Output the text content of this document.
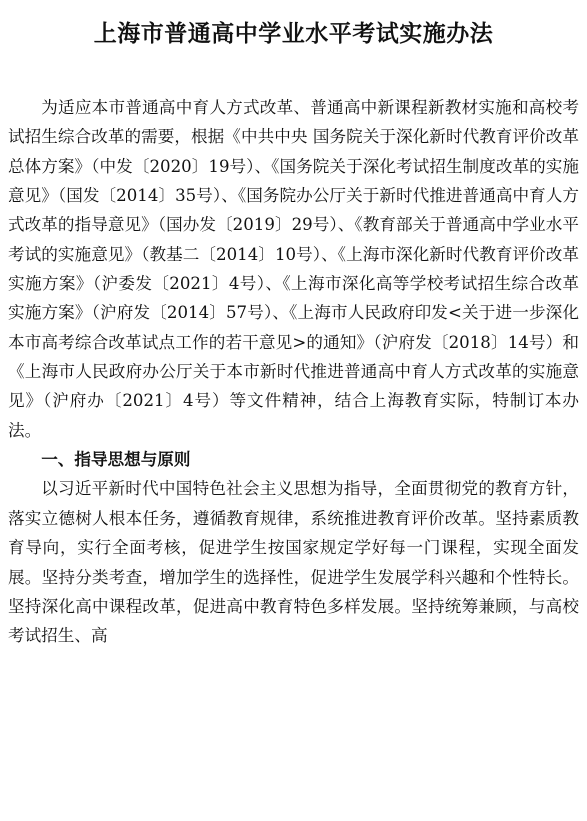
上海市普通高中学业水平考试实施办法

为适应本市普通高中育人方式改革、普通高中新课程新教材实施和高校考试招生综合改革的需要，根据《中共中央 国务院关于深化新时代教育评价改革总体方案》（中发〔2020〕19号）、《国务院关于深化考试招生制度改革的实施意见》（国发〔2014〕35号）、《国务院办公厅关于新时代推进普通高中育人方式改革的指导意见》（国办发〔2019〕29号）、《教育部关于普通高中学业水平考试的实施意见》（教基二〔2014〕10号）、《上海市深化新时代教育评价改革实施方案》（沪委发〔2021〕4号）、《上海市深化高等学校考试招生综合改革实施方案》（沪府发〔2014〕57号）、《上海市人民政府印发<关于进一步深化本市高考综合改革试点工作的若干意见>的通知》（沪府发〔2018〕14号）和《上海市人民政府办公厅关于本市新时代推进普通高中育人方式改革的实施意见》（沪府办〔2021〕4号）等文件精神，结合上海教育实际，特制订本办法。

一、指导思想与原则

以习近平新时代中国特色社会主义思想为指导，全面贯彻党的教育方针，落实立德树人根本任务，遵循教育规律，系统推进教育评价改革。坚持素质教育导向，实行全面考核，促进学生按国家规定学好每一门课程，实现全面发展。坚持分类考查，增加学生的选择性，促进学生发展学科兴趣和个性特长。坚持深化高中课程改革，促进高中教育特色多样发展。坚持统筹兼顾，与高校考试招生、高
